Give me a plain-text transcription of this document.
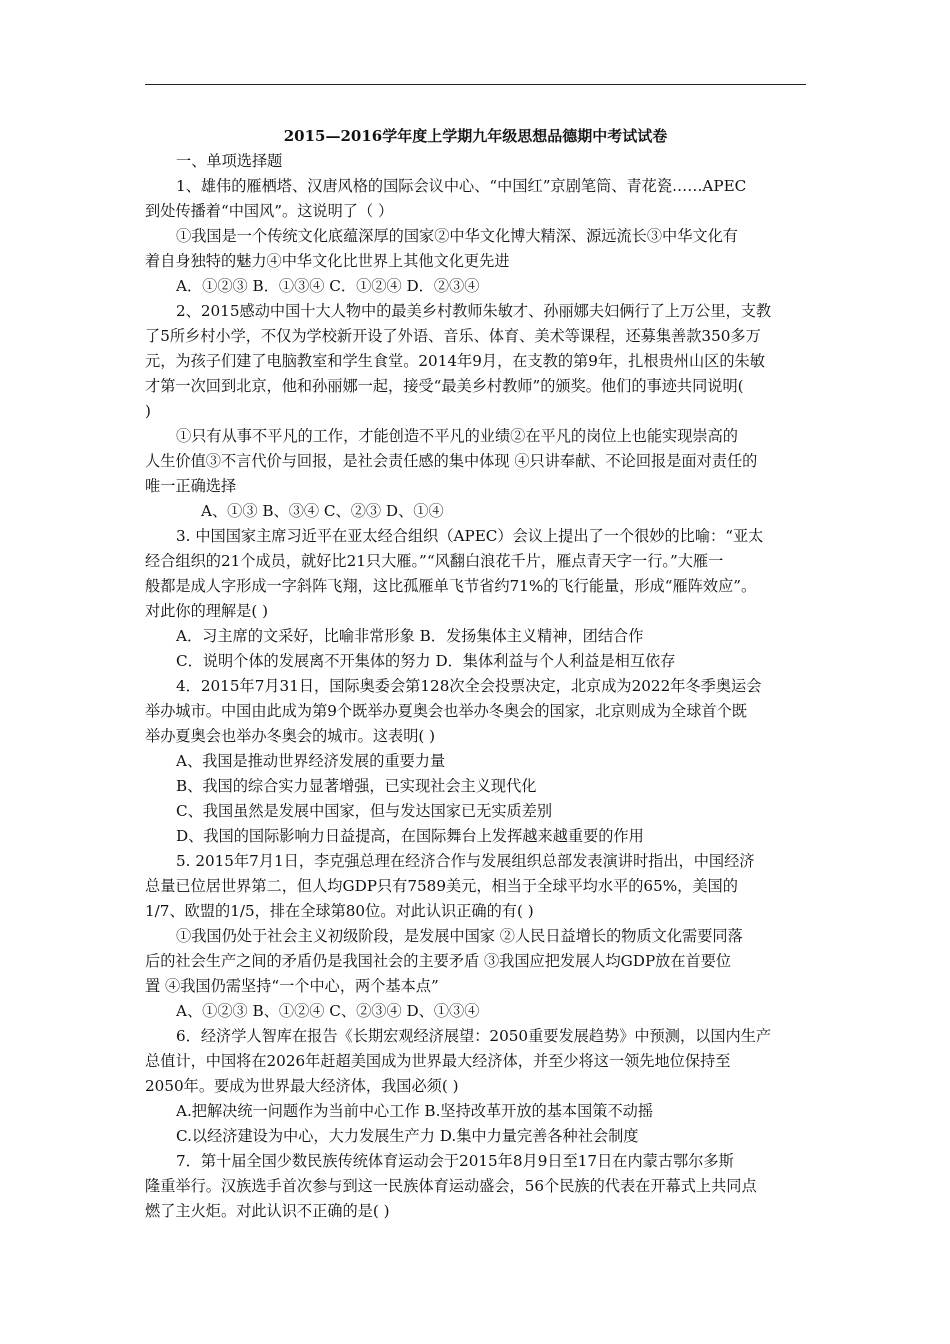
2015—2016学年度上学期九年级思想品德期中考试试卷
一、单项选择题
1、雄伟的雁栖塔、汉唐风格的国际会议中心、“中国红”京剧笔筒、青花瓷……APEC
到处传播着“中国风”。这说明了（ ）
①我国是一个传统文化底蕴深厚的国家②中华文化博大精深、源远流长③中华文化有
着自身独特的魅力④中华文化比世界上其他文化更先进
A．①②③ B．①③④ C．①②④ D．②③④
2、2015感动中国十大人物中的最美乡村教师朱敏才、孙丽娜夫妇俩行了上万公里，支教
了5所乡村小学，不仅为学校新开设了外语、音乐、体育、美术等课程，还募集善款350多万
元，为孩子们建了电脑教室和学生食堂。2014年9月，在支教的第9年，扎根贵州山区的朱敏
才第一次回到北京，他和孙丽娜一起，接受“最美乡村教师”的颁奖。他们的事迹共同说明(
)
①只有从事不平凡的工作，才能创造不平凡的业绩②在平凡的岗位上也能实现崇高的
人生价值③不言代价与回报，是社会责任感的集中体现 ④只讲奉献、不论回报是面对责任的
唯一正确选择
A、①③ B、③④ C、②③ D、①④
3. 中国国家主席习近平在亚太经合组织（APEC）会议上提出了一个很妙的比喻：“亚太
经合组织的21个成员，就好比21只大雁。”“风翻白浪花千片，雁点青天字一行。”大雁一
般都是成人字形成一字斜阵飞翔，这比孤雁单飞节省约71%的飞行能量，形成“雁阵效应”。
对此你的理解是( )
A．习主席的文采好，比喻非常形象 B．发扬集体主义精神，团结合作
C．说明个体的发展离不开集体的努力 D．集体利益与个人利益是相互依存
4．2015年7月31日，国际奥委会第128次全会投票决定，北京成为2022年冬季奥运会
举办城市。中国由此成为第9个既举办夏奥会也举办冬奥会的国家，北京则成为全球首个既
举办夏奥会也举办冬奥会的城市。这表明( )
A、我国是推动世界经济发展的重要力量
B、我国的综合实力显著增强，已实现社会主义现代化
C、我国虽然是发展中国家，但与发达国家已无实质差别
D、我国的国际影响力日益提高，在国际舞台上发挥越来越重要的作用
5. 2015年7月1日，李克强总理在经济合作与发展组织总部发表演讲时指出，中国经济
总量已位居世界第二，但人均GDP只有7589美元，相当于全球平均水平的65%，美国的
1/7、欧盟的1/5，排在全球第80位。对此认识正确的有( )
①我国仍处于社会主义初级阶段，是发展中国家 ②人民日益增长的物质文化需要同落
后的社会生产之间的矛盾仍是我国社会的主要矛盾 ③我国应把发展人均GDP放在首要位
置 ④我国仍需坚持“一个中心，两个基本点”
A、①②③ B、①②④ C、②③④ D、①③④
6．经济学人智库在报告《长期宏观经济展望：2050重要发展趋势》中预测，以国内生产
总值计，中国将在2026年赶超美国成为世界最大经济体，并至少将这一领先地位保持至
2050年。要成为世界最大经济体，我国必须( )
A.把解决统一问题作为当前中心工作 B.坚持改革开放的基本国策不动摇
C.以经济建设为中心，大力发展生产力 D.集中力量完善各种社会制度
7．第十届全国少数民族传统体育运动会于2015年8月9日至17日在内蒙古鄂尔多斯
隆重举行。汉族选手首次参与到这一民族体育运动盛会，56个民族的代表在开幕式上共同点
燃了主火炬。对此认识不正确的是( )
